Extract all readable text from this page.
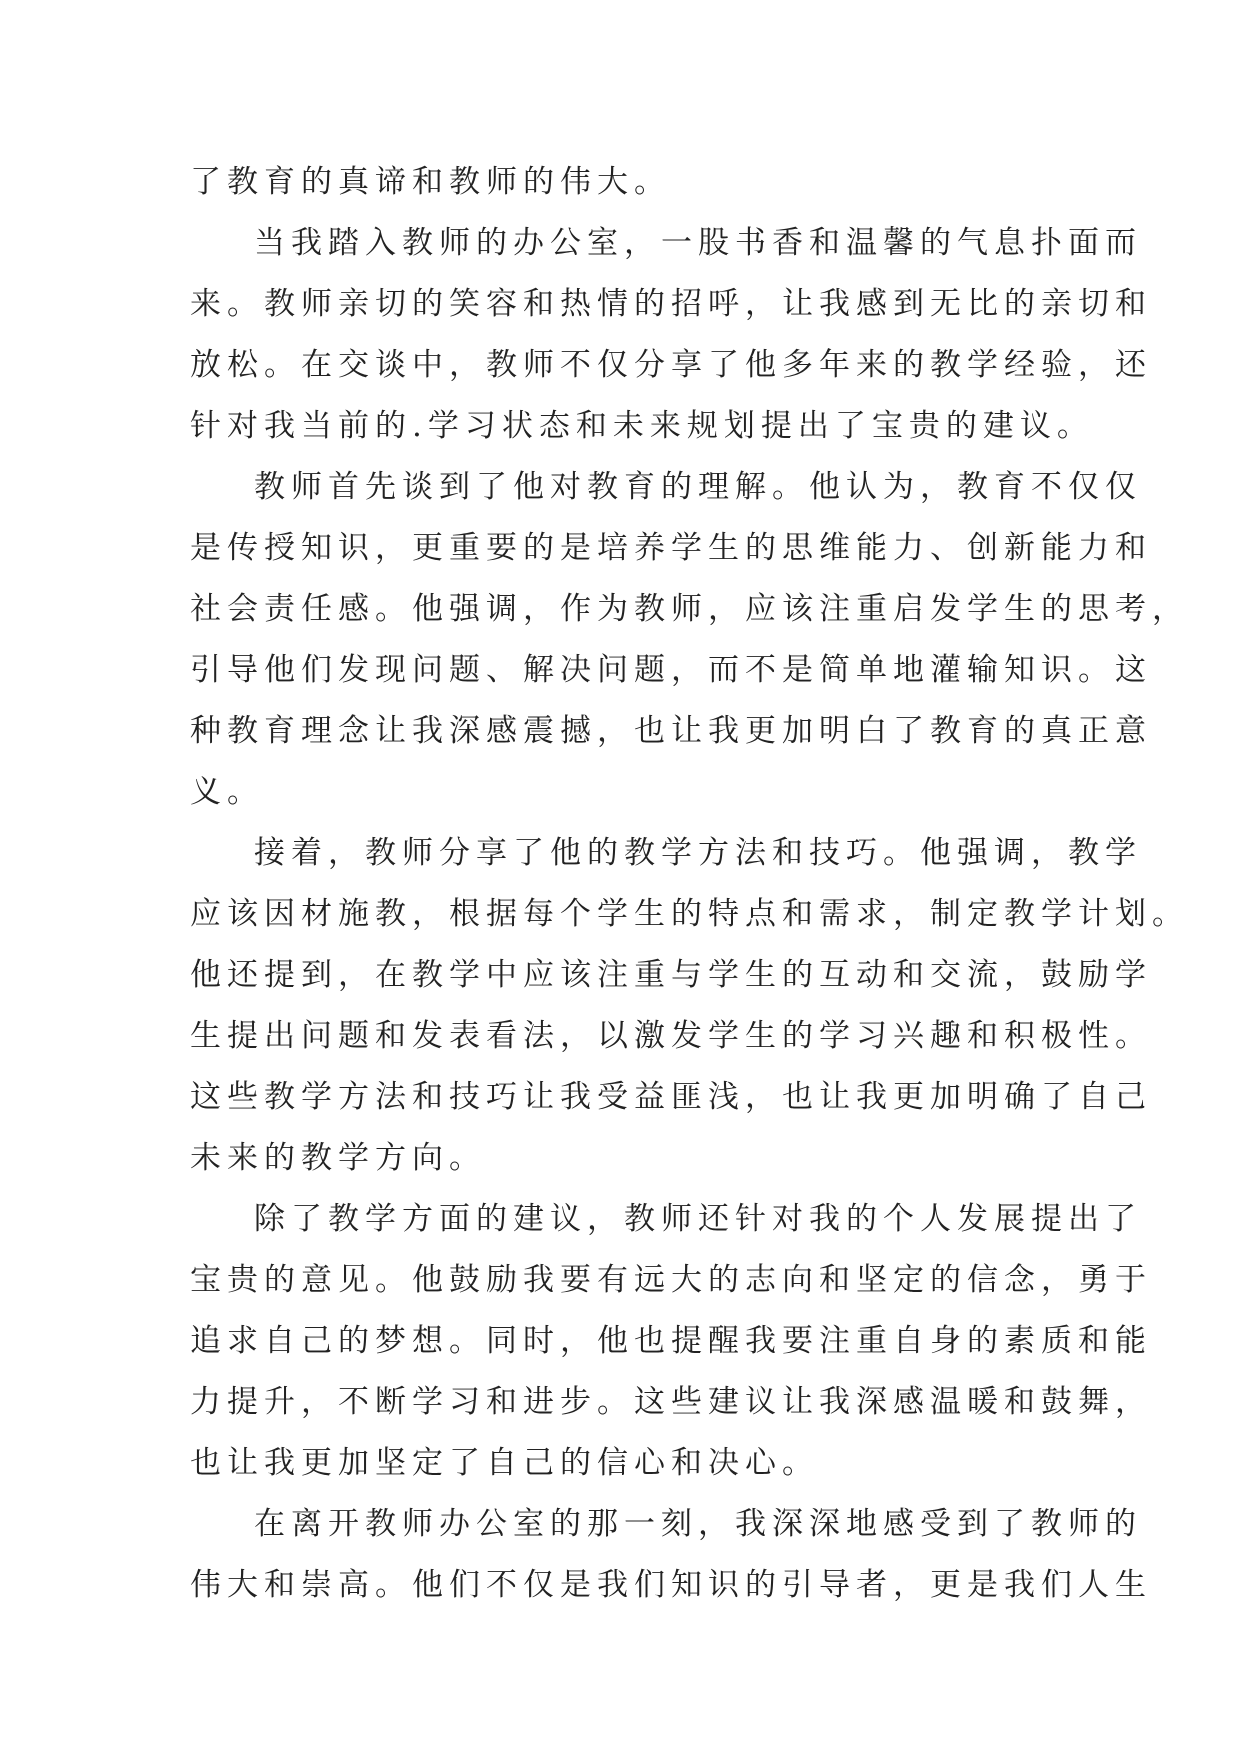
了教育的真谛和教师的伟大。
当我踏入教师的办公室，一股书香和温馨的气息扑面而
来。教师亲切的笑容和热情的招呼，让我感到无比的亲切和
放松。在交谈中，教师不仅分享了他多年来的教学经验，还
针对我当前的.学习状态和未来规划提出了宝贵的建议。
教师首先谈到了他对教育的理解。他认为，教育不仅仅
是传授知识，更重要的是培养学生的思维能力、创新能力和
社会责任感。他强调，作为教师，应该注重启发学生的思考，
引导他们发现问题、解决问题，而不是简单地灌输知识。这
种教育理念让我深感震撼，也让我更加明白了教育的真正意
义。
接着，教师分享了他的教学方法和技巧。他强调，教学
应该因材施教，根据每个学生的特点和需求，制定教学计划。
他还提到，在教学中应该注重与学生的互动和交流，鼓励学
生提出问题和发表看法，以激发学生的学习兴趣和积极性。
这些教学方法和技巧让我受益匪浅，也让我更加明确了自己
未来的教学方向。
除了教学方面的建议，教师还针对我的个人发展提出了
宝贵的意见。他鼓励我要有远大的志向和坚定的信念，勇于
追求自己的梦想。同时，他也提醒我要注重自身的素质和能
力提升，不断学习和进步。这些建议让我深感温暖和鼓舞，
也让我更加坚定了自己的信心和决心。
在离开教师办公室的那一刻，我深深地感受到了教师的
伟大和崇高。他们不仅是我们知识的引导者，更是我们人生
